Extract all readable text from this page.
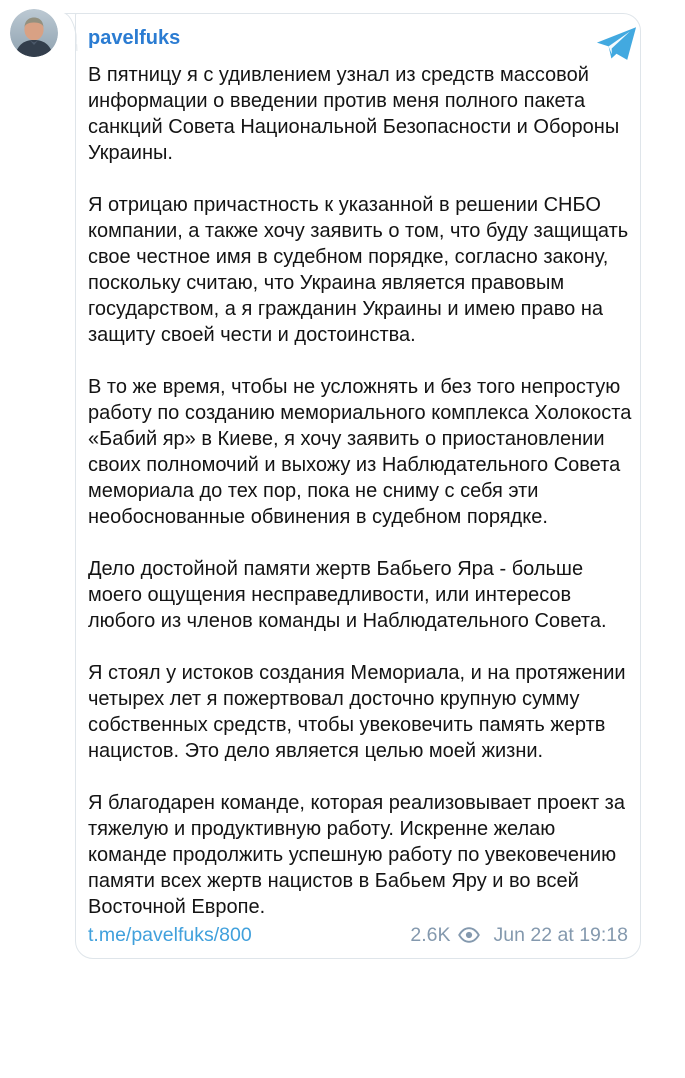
pavelfuks

В пятницу я с удивлением узнал из средств массовой информации о введении против меня полного пакета санкций Совета Национальной Безопасности и Обороны Украины.

Я отрицаю причастность к указанной в решении СНБО компании, а также хочу заявить о том, что буду защищать свое честное имя в судебном порядке, согласно закону, поскольку считаю, что Украина является правовым государством, а я гражданин Украины и имею право на защиту своей чести и достоинства.

В то же время, чтобы не усложнять и без того непростую работу по созданию мемориального комплекса Холокоста «Бабий яр» в Киеве, я хочу заявить о приостановлении своих полномочий и выхожу из Наблюдательного Совета мемориала до тех пор, пока не сниму с себя эти необоснованные обвинения в судебном порядке.

Дело достойной памяти жертв Бабьего Яра - больше моего ощущения несправедливости, или интересов любого из членов команды и Наблюдательного Совета.

Я стоял у истоков создания Мемориала, и на протяжении четырех лет я пожертвовал досточно крупную сумму собственных средств, чтобы увековечить память жертв нацистов. Это дело является целью моей жизни.

Я благодарен команде, которая реализовывает проект за тяжелую и продуктивную работу. Искренне желаю команде продолжить успешную работу по увековечению памяти всех жертв нацистов в Бабьем Яру и во всей Восточной Европе.

t.me/pavelfuks/800	2.6K Jun 22 at 19:18
